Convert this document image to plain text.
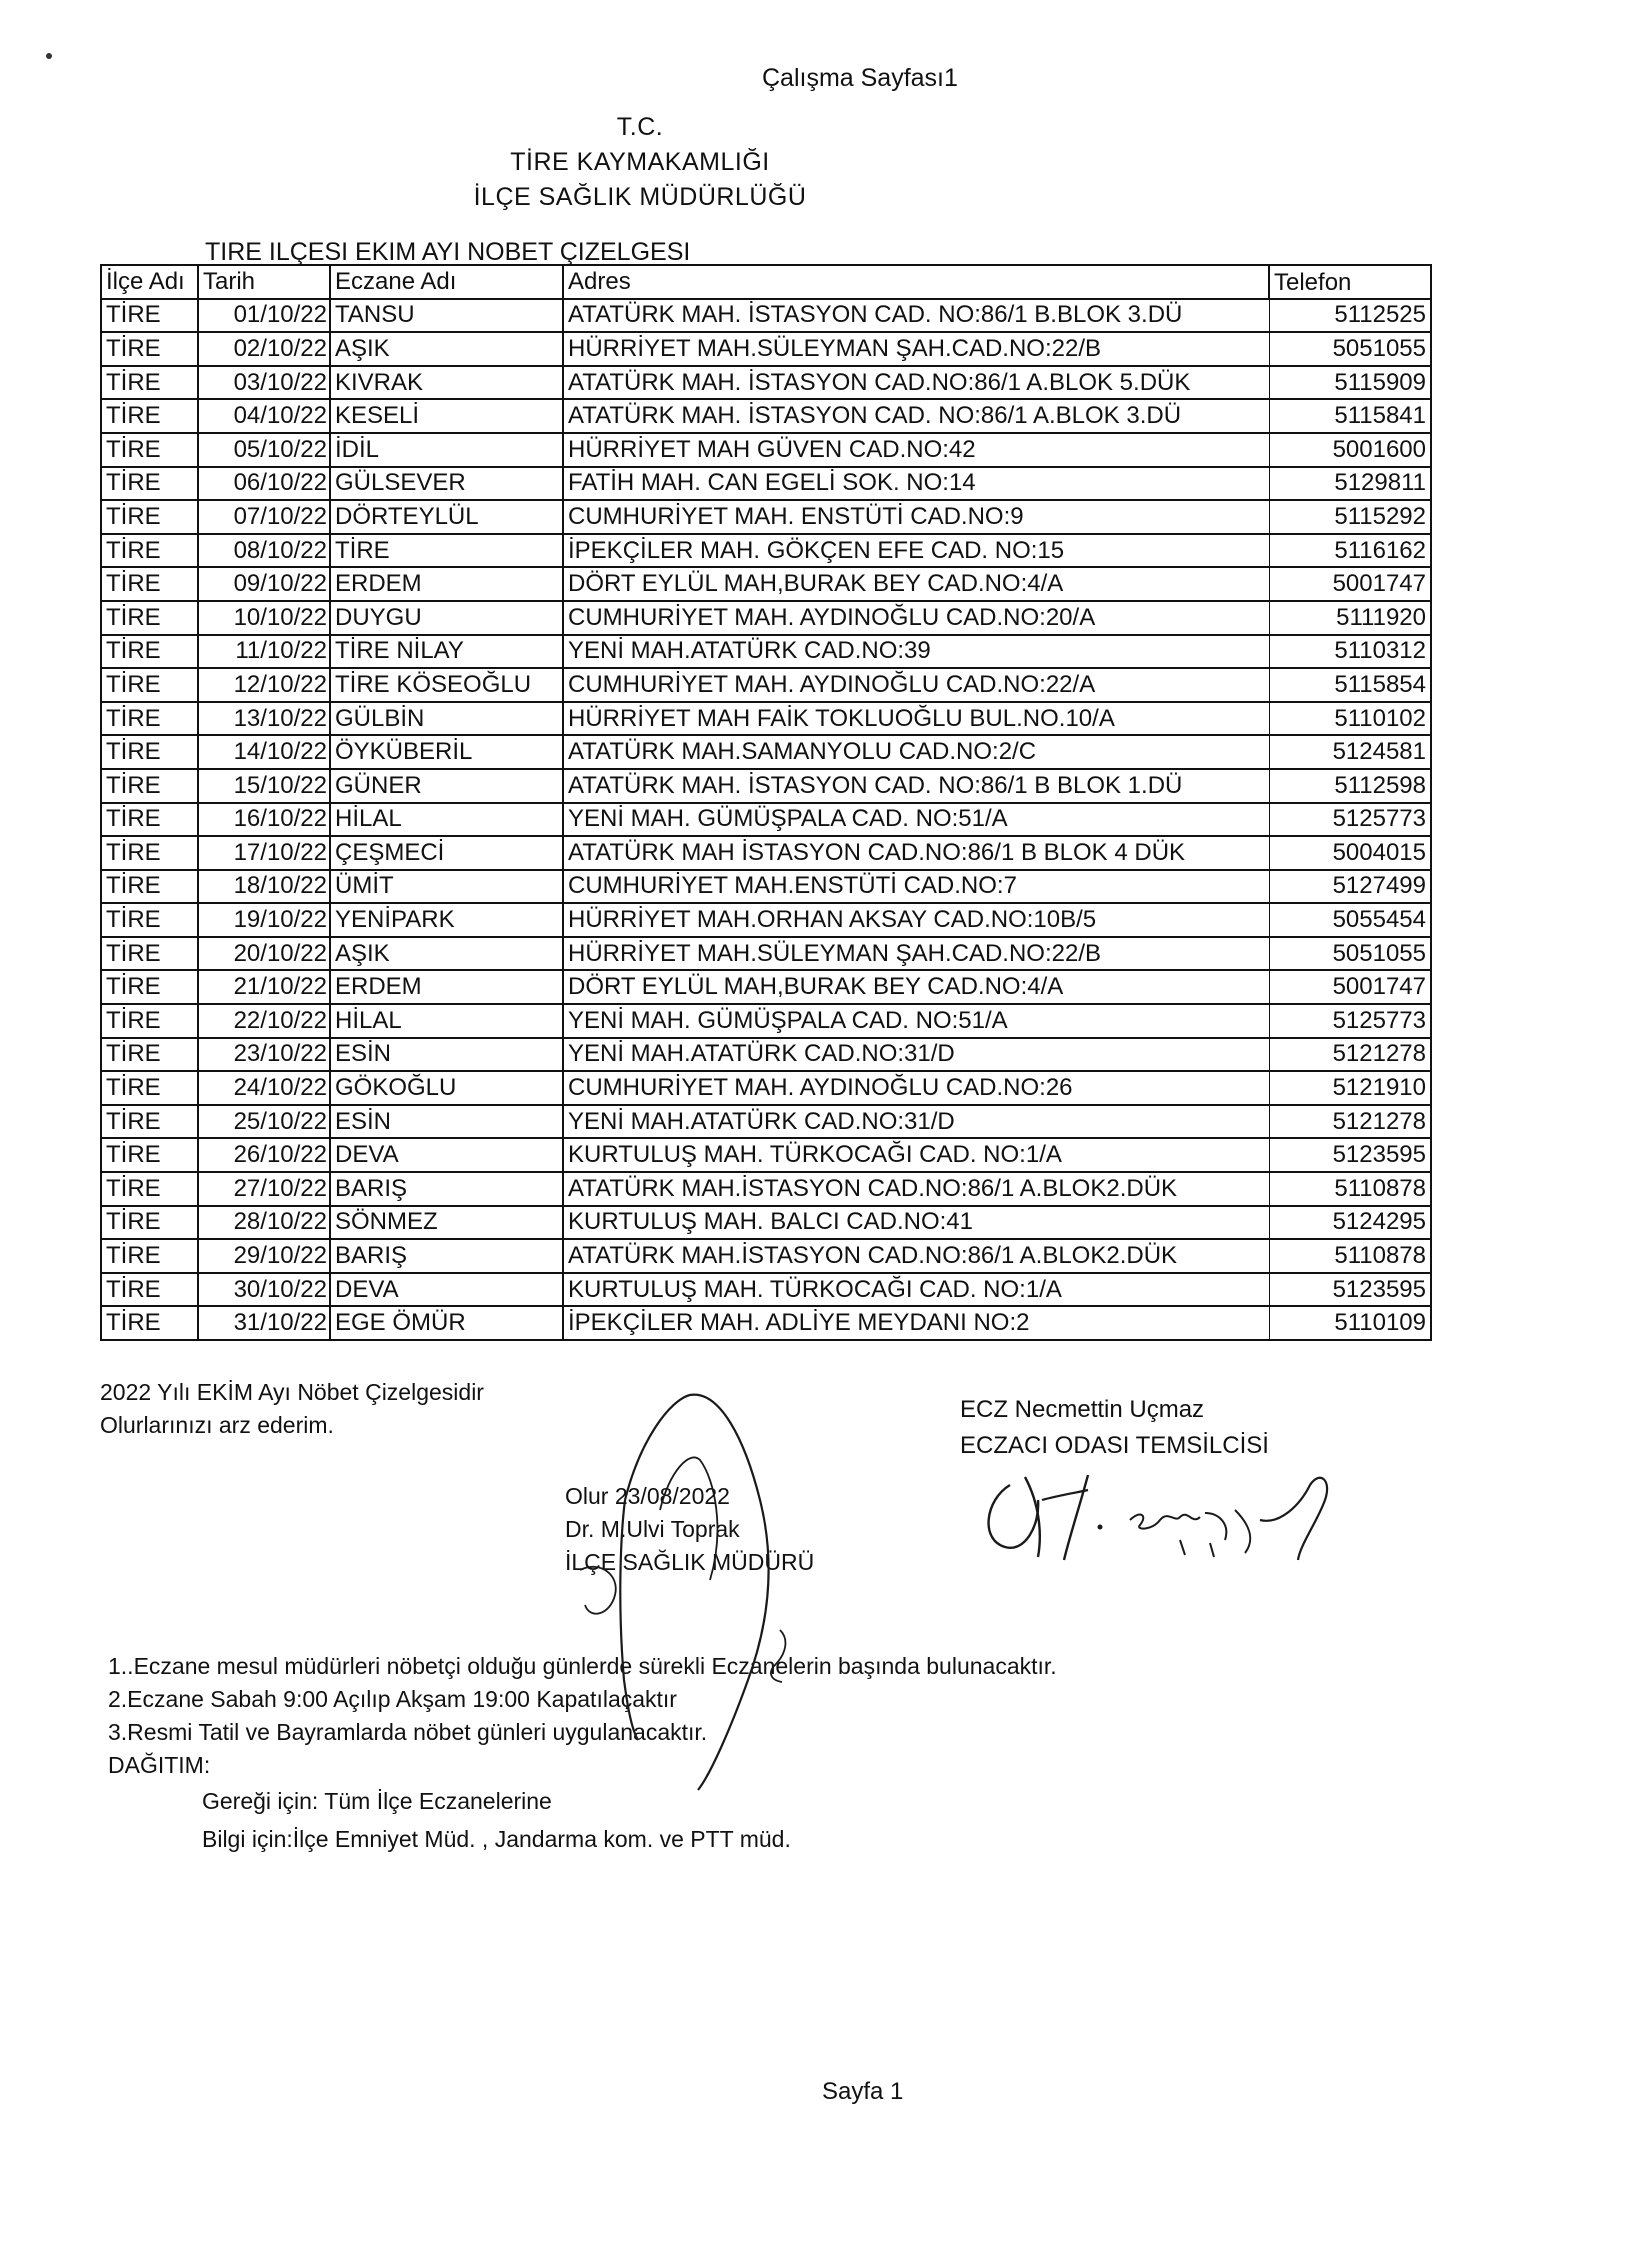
Çalışma Sayfası1
T.C.
TİRE KAYMAKAMLIĞI
İLÇE SAĞLIK MÜDÜRLÜĞÜ
TIRE ILÇESI EKIM AYI NOBET ÇIZELGESI
İlçe Adı	Tarih	Eczane Adı	Adres	Telefon
TİRE	01/10/22	TANSU	ATATÜRK MAH. İSTASYON CAD. NO:86/1 B.BLOK 3.DÜ	5112525
TİRE	02/10/22	AŞIK	HÜRRİYET MAH.SÜLEYMAN ŞAH.CAD.NO:22/B	5051055
TİRE	03/10/22	KIVRAK	ATATÜRK MAH. İSTASYON CAD.NO:86/1 A.BLOK 5.DÜK	5115909
TİRE	04/10/22	KESELİ	ATATÜRK MAH. İSTASYON CAD. NO:86/1 A.BLOK 3.DÜ	5115841
TİRE	05/10/22	İDİL	HÜRRİYET MAH GÜVEN CAD.NO:42	5001600
TİRE	06/10/22	GÜLSEVER	FATİH MAH. CAN EGELİ SOK. NO:14	5129811
TİRE	07/10/22	DÖRTEYLÜL	CUMHURİYET MAH. ENSTÜTİ CAD.NO:9	5115292
TİRE	08/10/22	TİRE	İPEKÇİLER MAH. GÖKÇEN EFE CAD. NO:15	5116162
TİRE	09/10/22	ERDEM	DÖRT EYLÜL MAH,BURAK BEY CAD.NO:4/A	5001747
TİRE	10/10/22	DUYGU	CUMHURİYET MAH. AYDINOĞLU CAD.NO:20/A	5111920
TİRE	11/10/22	TİRE NİLAY	YENİ MAH.ATATÜRK CAD.NO:39	5110312
TİRE	12/10/22	TİRE KÖSEOĞLU	CUMHURİYET MAH. AYDINOĞLU CAD.NO:22/A	5115854
TİRE	13/10/22	GÜLBİN	HÜRRİYET MAH FAİK TOKLUOĞLU BUL.NO.10/A	5110102
TİRE	14/10/22	ÖYKÜBERİL	ATATÜRK MAH.SAMANYOLU CAD.NO:2/C	5124581
TİRE	15/10/22	GÜNER	ATATÜRK MAH. İSTASYON CAD. NO:86/1 B BLOK 1.DÜ	5112598
TİRE	16/10/22	HİLAL	YENİ MAH. GÜMÜŞPALA CAD. NO:51/A	5125773
TİRE	17/10/22	ÇEŞMECİ	ATATÜRK MAH İSTASYON CAD.NO:86/1 B BLOK 4 DÜK	5004015
TİRE	18/10/22	ÜMİT	CUMHURİYET MAH.ENSTÜTİ CAD.NO:7	5127499
TİRE	19/10/22	YENİPARK	HÜRRİYET MAH.ORHAN AKSAY CAD.NO:10B/5	5055454
TİRE	20/10/22	AŞIK	HÜRRİYET MAH.SÜLEYMAN ŞAH.CAD.NO:22/B	5051055
TİRE	21/10/22	ERDEM	DÖRT EYLÜL MAH,BURAK BEY CAD.NO:4/A	5001747
TİRE	22/10/22	HİLAL	YENİ MAH. GÜMÜŞPALA CAD. NO:51/A	5125773
TİRE	23/10/22	ESİN	YENİ MAH.ATATÜRK CAD.NO:31/D	5121278
TİRE	24/10/22	GÖKOĞLU	CUMHURİYET MAH. AYDINOĞLU CAD.NO:26	5121910
TİRE	25/10/22	ESİN	YENİ MAH.ATATÜRK CAD.NO:31/D	5121278
TİRE	26/10/22	DEVA	KURTULUŞ MAH. TÜRKOCAĞI CAD. NO:1/A	5123595
TİRE	27/10/22	BARIŞ	ATATÜRK MAH.İSTASYON CAD.NO:86/1 A.BLOK2.DÜK	5110878
TİRE	28/10/22	SÖNMEZ	KURTULUŞ MAH. BALCI CAD.NO:41	5124295
TİRE	29/10/22	BARIŞ	ATATÜRK MAH.İSTASYON CAD.NO:86/1 A.BLOK2.DÜK	5110878
TİRE	30/10/22	DEVA	KURTULUŞ MAH. TÜRKOCAĞI CAD. NO:1/A	5123595
TİRE	31/10/22	EGE ÖMÜR	İPEKÇİLER MAH. ADLİYE MEYDANI NO:2	5110109
2022 Yılı EKİM Ayı Nöbet Çizelgesidir
Olurlarınızı arz ederim.
ECZ Necmettin Uçmaz
ECZACI ODASI TEMSİLCİSİ
Olur 23/08/2022
Dr. M.Ulvi Toprak
İLÇE SAĞLIK MÜDÜRÜ
1..Eczane mesul müdürleri nöbetçi olduğu günlerde sürekli Eczanelerin başında bulunacaktır.
2.Eczane Sabah 9:00 Açılıp Akşam 19:00 Kapatılaçaktır
3.Resmi Tatil ve Bayramlarda nöbet günleri uygulanacaktır.
DAĞITIM:
Gereği için: Tüm İlçe Eczanelerine
Bilgi için:İlçe Emniyet Müd. , Jandarma kom. ve PTT müd.
Sayfa 1
